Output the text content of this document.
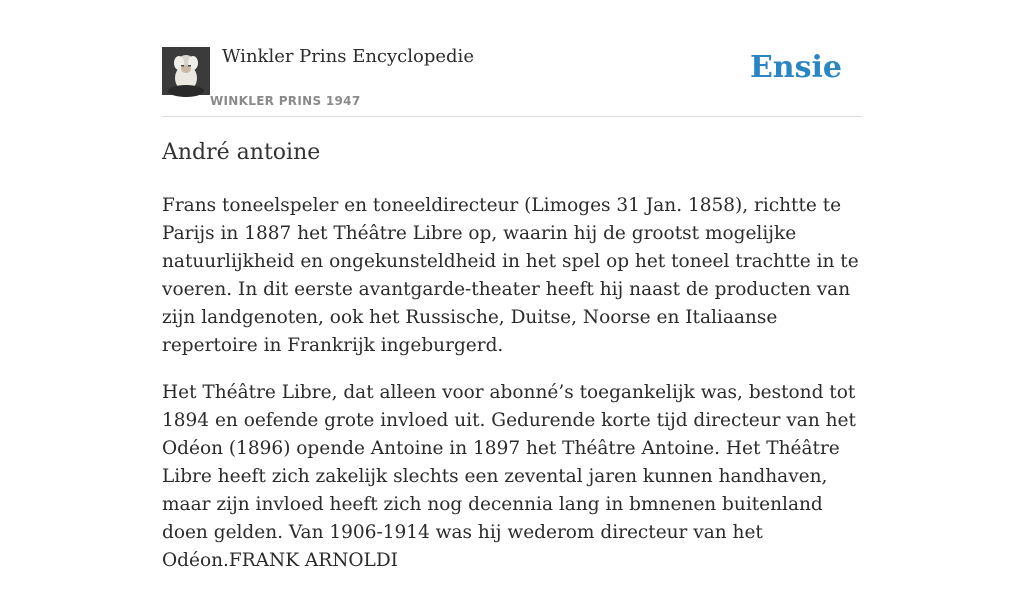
Winkler Prins Encyclopedie
WINKLER PRINS 1947
Ensie
André antoine

Frans toneelspeler en toneeldirecteur (Limoges 31 Jan. 1858), richtte te Parijs in 1887 het Théâtre Libre op, waarin hij de grootst mogelijke natuurlijkheid en ongekunsteldheid in het spel op het toneel trachtte in te voeren. In dit eerste avantgarde-theater heeft hij naast de producten van zijn landgenoten, ook het Russische, Duitse, Noorse en Italiaanse repertoire in Frankrijk ingeburgerd.

Het Théâtre Libre, dat alleen voor abonné’s toegankelijk was, bestond tot 1894 en oefende grote invloed uit. Gedurende korte tijd directeur van het Odéon (1896) opende Antoine in 1897 het Théâtre Antoine. Het Théâtre Libre heeft zich zakelijk slechts een zevental jaren kunnen handhaven, maar zijn invloed heeft zich nog decennia lang in bmnenen buitenland doen gelden. Van 1906-1914 was hij wederom directeur van het Odéon.FRANK ARNOLDI
